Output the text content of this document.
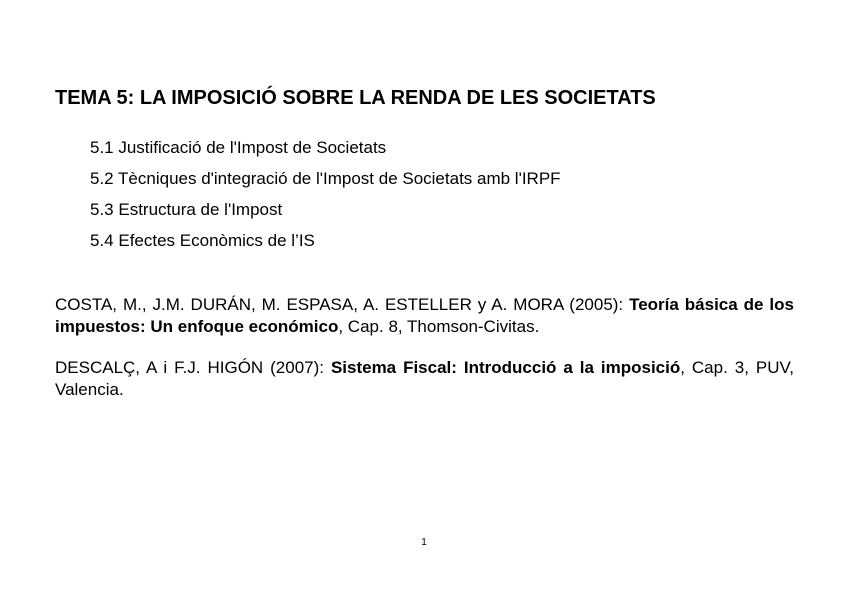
TEMA 5: LA IMPOSICIÓ SOBRE LA RENDA DE LES SOCIETATS
5.1 Justificació de l'Impost de Societats
5.2 Tècniques d'integració de l'Impost de Societats amb l'IRPF
5.3 Estructura de l'Impost
5.4 Efectes Econòmics de l’IS

COSTA, M., J.M. DURÁN, M. ESPASA, A. ESTELLER y A. MORA (2005): Teoría básica de los impuestos: Un enfoque económico, Cap. 8, Thomson-Civitas.

DESCALÇ, A i F.J. HIGÓN (2007): Sistema Fiscal: Introducció a la imposició, Cap. 3, PUV, Valencia.

1
